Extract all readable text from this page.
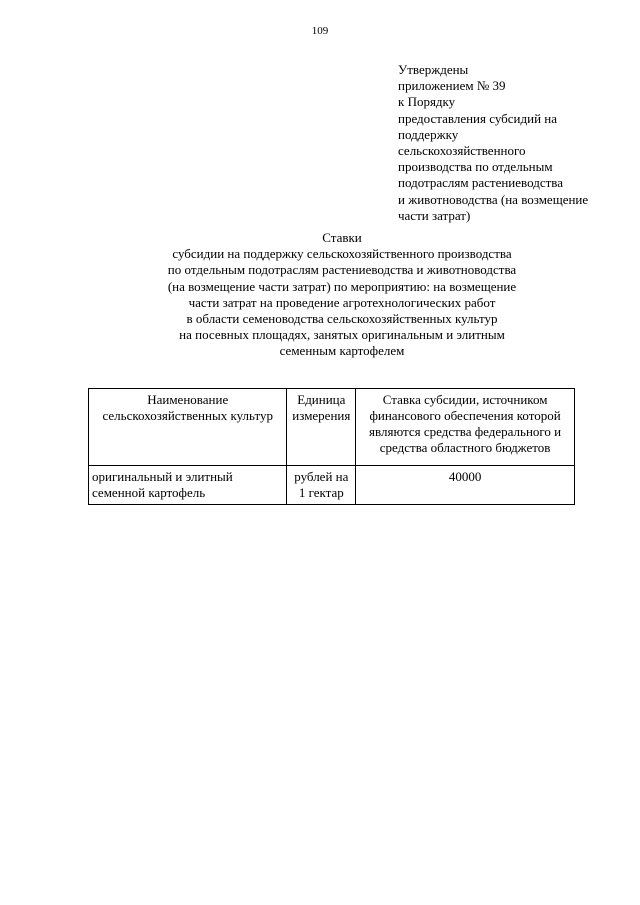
109
Утверждены
приложением № 39
к Порядку
предоставления субсидий на
поддержку
сельскохозяйственного
производства по отдельным
подотраслям растениеводства
и животноводства (на возмещение
части затрат)
Ставки
субсидии на поддержку сельскохозяйственного производства
по отдельным подотраслям растениеводства и животноводства
(на возмещение части затрат) по мероприятию: на возмещение
части затрат на проведение агротехнологических работ
в области семеноводства сельскохозяйственных культур
на посевных площадях, занятых оригинальным и элитным
семенным картофелем
Наименование сельскохозяйственных культур	Единица измерения	Ставка субсидии, источником финансового обеспечения которой являются средства федерального и средства областного бюджетов
оригинальный и элитный семенной картофель	рублей на 1 гектар	40000
